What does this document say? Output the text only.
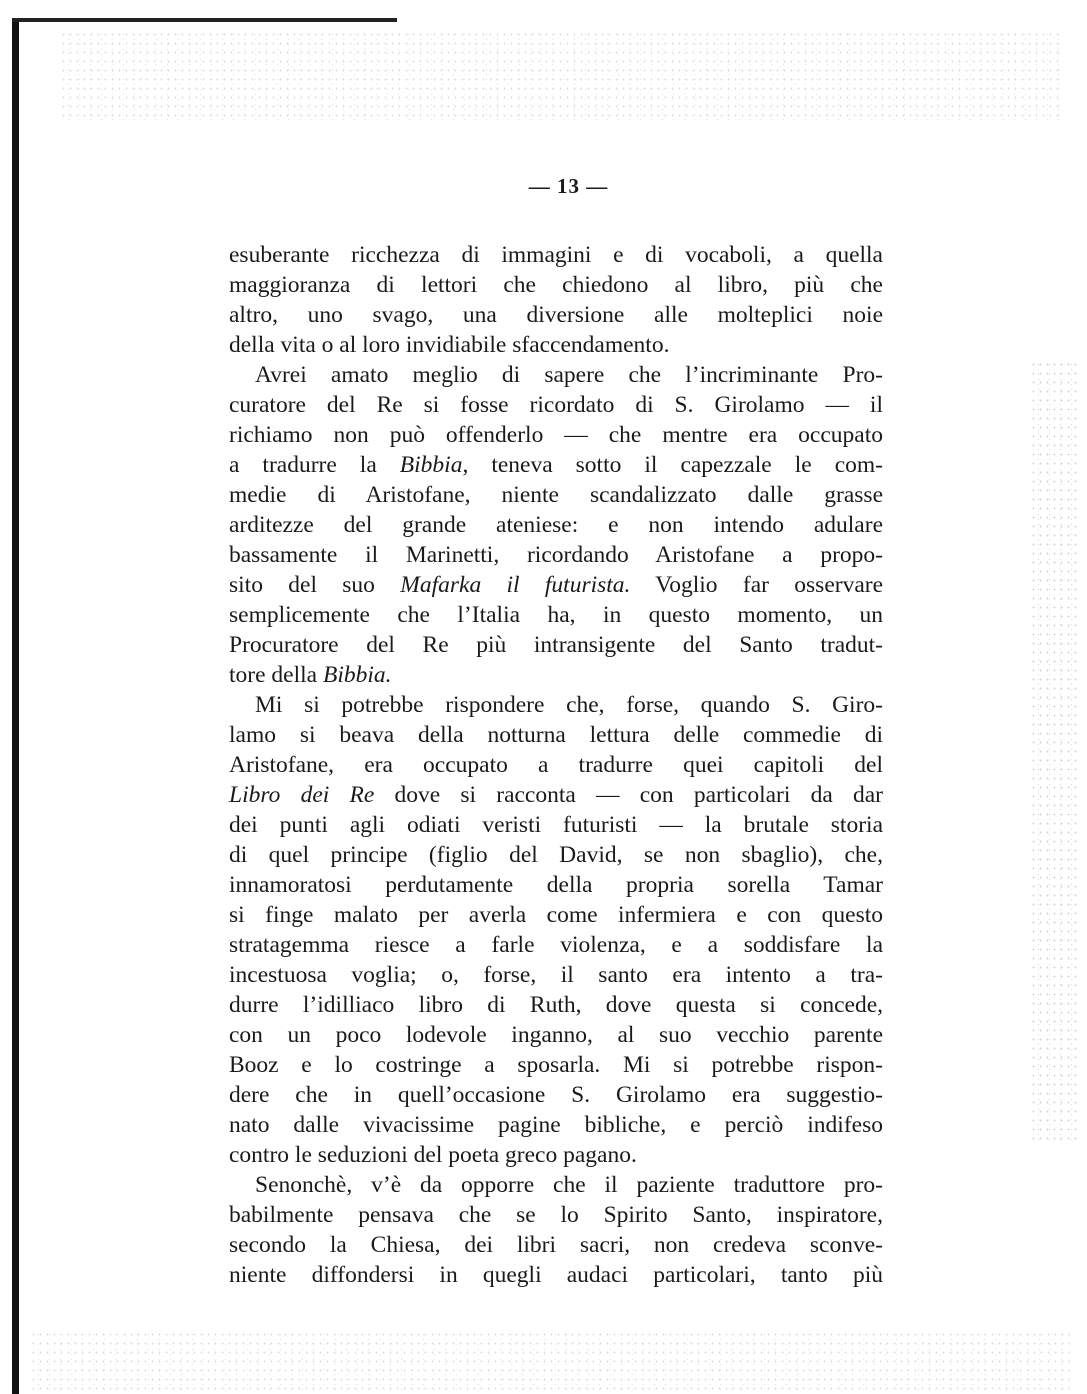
— 13 —
esuberante ricchezza di immagini e di vocaboli, a quella
maggioranza di lettori che chiedono al libro, più che
altro, uno svago, una diversione alle molteplici noie
della vita o al loro invidiabile sfaccendamento.
Avrei amato meglio di sapere che l’incriminante Pro-
curatore del Re si fosse ricordato di S. Girolamo — il
richiamo non può offenderlo — che mentre era occupato
a tradurre la Bibbia, teneva sotto il capezzale le com-
medie di Aristofane, niente scandalizzato dalle grasse
arditezze del grande ateniese: e non intendo adulare
bassamente il Marinetti, ricordando Aristofane a propo-
sito del suo Mafarka il futurista. Voglio far osservare
semplicemente che l’Italia ha, in questo momento, un
Procuratore del Re più intransigente del Santo tradut-
tore della Bibbia.
Mi si potrebbe rispondere che, forse, quando S. Giro-
lamo si beava della notturna lettura delle commedie di
Aristofane, era occupato a tradurre quei capitoli del
Libro dei Re dove si racconta — con particolari da dar
dei punti agli odiati veristi futuristi — la brutale storia
di quel principe (figlio del David, se non sbaglio), che,
innamoratosi perdutamente della propria sorella Tamar
si finge malato per averla come infermiera e con questo
stratagemma riesce a farle violenza, e a soddisfare la
incestuosa voglia; o, forse, il santo era intento a tra-
durre l’idilliaco libro di Ruth, dove questa si concede,
con un poco lodevole inganno, al suo vecchio parente
Booz e lo costringe a sposarla. Mi si potrebbe rispon-
dere che in quell’occasione S. Girolamo era suggestio-
nato dalle vivacissime pagine bibliche, e perciò indifeso
contro le seduzioni del poeta greco pagano.
Senonchè, v’è da opporre che il paziente traduttore pro-
babilmente pensava che se lo Spirito Santo, inspiratore,
secondo la Chiesa, dei libri sacri, non credeva sconve-
niente diffondersi in quegli audaci particolari, tanto più
